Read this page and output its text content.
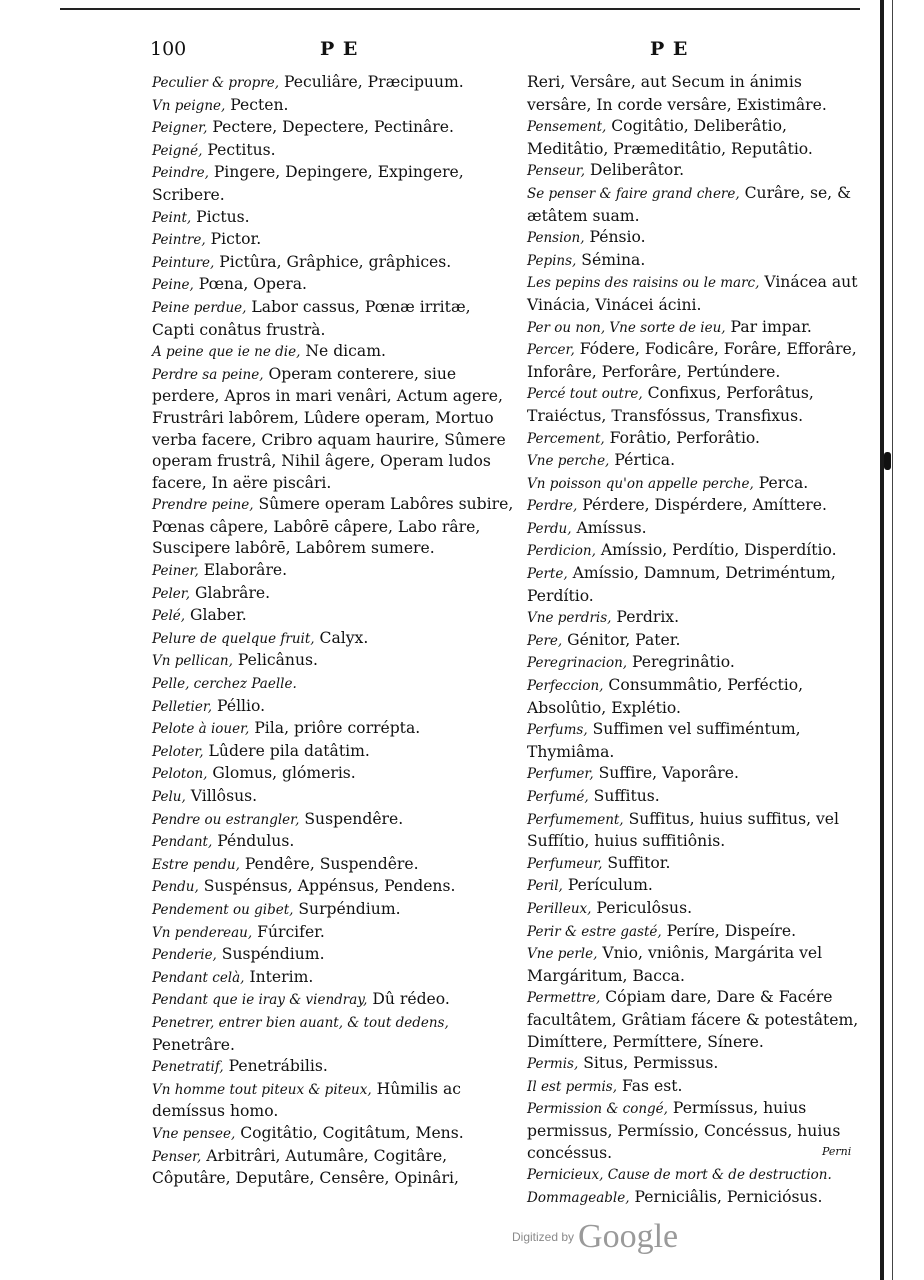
100	P E	P E

Peculier & propre, Peculiâre, Præcipuum.

Vn peigne, Pecten.

Peigner, Pectere, Depectere, Pectinâre.

Peigné, Pectitus.

Peindre, Pingere, Depingere, Expingere, Scribere.

Peint, Pictus.

Peintre, Pictor.

Peinture, Pictûra, Grâphice, grâphices.

Peine, Pœna, Opera.

Peine perdue, Labor cassus, Pœnæ irritæ, Capti conâtus frustrà.

A peine que ie ne die, Ne dicam.

Perdre sa peine, Operam conterere, siue perdere, Apros in mari venâri, Actum agere, Frustrâri labôrem, Lûdere operam, Mortuo verba facere, Cribro aquam haurire, Sûmere operam frustrâ, Nihil âgere, Operam ludos facere, In aëre piscâri.

Prendre peine, Sûmere operam Labôres subire, Pœnas câpere, Labôrē câpere, Labo râre, Suscipere labôrē, Labôrem sumere.

Peiner, Elaborâre.

Peler, Glabrâre.

Pelé, Glaber.

Pelure de quelque fruit, Calyx.

Vn pellican, Pelicânus.

Pelle, cerchez Paelle.

Pelletier, Péllio.

Pelote à iouer, Pila, priôre corrépta.

Peloter, Lûdere pila datâtim.

Peloton, Glomus, glómeris.

Pelu, Villôsus.

Pendre ou estrangler, Suspendêre.

Pendant, Péndulus.

Estre pendu, Pendêre, Suspendêre.

Pendu, Suspénsus, Appénsus, Pendens.

Pendement ou gibet, Surpéndium.

Vn pendereau, Fúrcifer.

Penderie, Suspéndium.

Pendant celà, Interim.

Pendant que ie iray & viendray, Dû rédeo.

Penetrer, entrer bien auant, & tout dedens, Penetrâre.

Penetratif, Penetrábilis.

Vn homme tout piteux & piteux, Hûmilis ac demíssus homo.

Vne pensee, Cogitâtio, Cogitâtum, Mens.

Penser, Arbitrâri, Autumâre, Cogitâre, Côputâre, Deputâre, Censêre, Opinâri,

Reri, Versâre, aut Secum in ánimis versâre, In corde versâre, Existimâre.

Pensement, Cogitâtio, Deliberâtio, Meditâtio, Præmeditâtio, Reputâtio.

Penseur, Deliberâtor.

Se penser & faire grand chere, Curâre, se, & ætâtem suam.

Pension, Pénsio.

Pepins, Sémina.

Les pepins des raisins ou le marc, Vinácea aut Vinácia, Vinácei ácini.

Per ou non, Vne sorte de ieu, Par impar.

Percer, Fódere, Fodicâre, Forâre, Efforâre, Inforâre, Perforâre, Pertúndere.

Percé tout outre, Confixus, Perforâtus, Traiéctus, Transfóssus, Transfixus.

Percement, Forâtio, Perforâtio.

Vne perche, Pértica.

Vn poisson qu'on appelle perche, Perca.

Perdre, Pérdere, Dispérdere, Amíttere.

Perdu, Amíssus.

Perdicion, Amíssio, Perdítio, Disperdítio.

Perte, Amíssio, Damnum, Detriméntum, Perdítio.

Vne perdris, Perdrix.

Pere, Génitor, Pater.

Peregrinacion, Peregrinâtio.

Perfeccion, Consummâtio, Perféctio, Absolûtio, Explétio.

Perfums, Suffimen vel suffiméntum, Thymiâma.

Perfumer, Suffire, Vaporâre.

Perfumé, Suffitus.

Perfumement, Suffitus, huius suffitus, vel Suffítio, huius suffitiônis.

Perfumeur, Suffitor.

Peril, Perículum.

Perilleux, Periculôsus.

Perir & estre gasté, Períre, Dispeíre.

Vne perle, Vnio, vniônis, Margárita vel Margáritum, Bacca.

Permettre, Cópiam dare, Dare & Facére facultâtem, Grâtiam fácere & potestâtem, Dimíttere, Permíttere, Sínere.

Permis, Situs, Permissus.

Il est permis, Fas est.

Permission & congé, Permíssus, huius permissus, Permíssio, Concéssus, huius concéssus.

Pernicieux, Cause de mort & de destruction.

Dommageable, Perniciâlis, Perniciósus.

Perni
$^{Digitized by}$ Google
